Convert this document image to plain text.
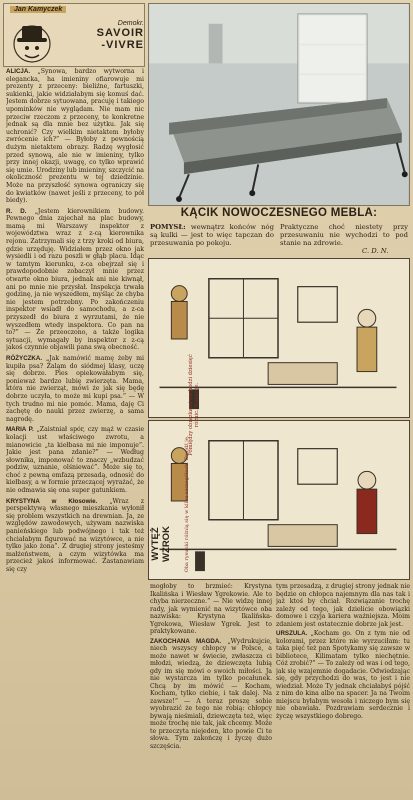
Jan Kamyczek
Demokr.
SAVOIR
-VIVRE
ALICJA. „Synowa, bardzo wytworna i elegancka, ha imieniny ofiarowuje mi prezenty z przeceny: bieliźne, fartuszki, sukienki, jakie widziałabym się komuś dać. Jestem dobrze sytuowana, pracuję i takiego upominków nie wyglądam. Nie mam nic przeciw rzeczom z przeceny, te konkretne jednak są dla mnie bez użytku. Jak się uchronić? Czy wielkim nietaktem byłoby zwrócenie ich?” — Byłoby z pewnością dużym nietaktem obrazy. Radzę wygłosić przed synową, ale nie w imieniny, tylko przy innej okazji, uwagę, co tylko wprawić się umie. Urodziny lub imieniny, szczycić na okoliczność prezentu w tej dziedzinie. Może na przyszłość synowa ograniczy się do kwiatków (nawet jeśli z przeceny, to pół biedy).
R. D. „Jestem kierownikiem budowy. Pewnego dnia zajechał na plac budowy, mamą mi Warszawy inspektor z województwa wraz z z-cą kierownika rejonu. Zatrzymali się z trzy kroki od biura, gdzie urzęduję. Widziałem przez okno jak wysiedli i od razu poszli w głąb placu. Idąc w tamtym kierunku, z-ca obejrzał się i prawdopodobnie zobaczył mnie przez otwarte okno biura, jednak ani nie kiwnął, ani po mnie nie przysłał. Inspekcja trwała godzinę, ja nie wyszedłem, myśląc że chyba nie jestem potrzebny. Po zakończeniu inspektor wsiadł do samochodu, a z-ca przyszedł do biura z wyrzutami, że nie wyszedłem wtedy inspektora. Co pan na to?” — Że przeoczono, a także logika sytuacji, wymagały by inspektor z z-cą jakoś czynnie objawili pana swą obecność.
RÓŻYCZKA. „Jak namówić mamę żeby mi kupiła psa? Żaląm do siódmej klasy, uczę się dobrze. Pies opiekowałabym się, ponieważ bardzo lubię zwierzęta. Mama, która nie zwierząt, mówi że jak się będę dobrze uczyła, to może mi kupi psa.” — W tych trudno mi nie pomóc. Mama, daję Ci zachętę do nauki przez zwierzę, a sama nagrodę.
MARIA P. „Zaistniał spór, czy mąż w czasie kolacji ust właściwego zwrotu, a mianowicie „ta kiełbasa mi nie imponuje”. Jakie jest pana zdanie?” — Według słownika, imponować to znaczy „wzbudzać podziw, uznanie, olśniewać”. Może się to, choć z pewną emfazą przesadą, odnosić do kiełbasy, a w formie przeczącej wyrażać, że nie odmawia się ona super gatunkiem.
KRYSTYNA w Kłosowie. „Wraz z perspektywą własnego mieszkania wyłonił się problem wszystkich na drewnian. Ja, ze względów zawodowych, używam nazwiska panieńskiego lub podwójnego i tak też chciałabym figurować na wizytówce, a nie tylko jako żona”. Z drugiej strony jesteśmy małżeństwem, a czym wizytówka ma przecież jakoś informować. Zastanawiam się czy
KĄCIK NOWOCZESNEGO MEBLA:
POMYSŁ: wewnątrz końców nóg są kulki — jest to więc tapczan do przesuwania po pokoju.
Praktyczne choć niestety przy przesuwaniu nie wychodzi to pod stanie na zdrowie.
C. D. N.
Pomiędzy obrazkami zachodzi dziesięć różnic. Wskaż je.
Oba rysunki różnią się w kilku szczegółach. Znajdź je.
WYTĘŻ WZROK

mogłoby to brzmieć: Krystyna Ikalińska i Wiesław Ygrekowie. Ale to chyba nierzeczne.” — Nie widzę innej rady, jak wymienić na wizytówce oba nazwiska: Krystyna Ikalińska-Ygrekowa, Wiesław Ygrek. Jest to praktykowane.

ZAKOCHANA MAGDA. „Wydrukujcie, niech wszyscy chłopcy w Polsce, a może nawet w świecie, zwłaszcza ci młodzi, wiedzą, że dziewczęta lubią gdy im się mówi o swoich miłości. Ja nie wystarcza im tylko pocałunek. Chcą by im mówić — Kocham, Kocham, tylko ciebie, i tak dalej. Na zawsze!” — A teraz proszę sobie wyobrazić że tego nie robią: chłopcy bywają nieśmiali, dziewczęta też, więc może trochę nie tak, jak chcemy. Może te przeczyta niejeden, kto powie Ci te słowa. Tym zakończę i życzę dużo szczęścia.

tym przesadzą, z drugiej strony jednak nie będzie on chłopca najemnym dla nas tak i jaż ktoś by chciał. Rozwiązanie trochę zależy od tego, jak dzielicie obowiązki domowe i czyja kariera ważniejsza. Moim zdaniem jest ostatecznie dobrze jak jest.

URSZULA. „Kocham go. On z tym nie od kolorami, przez które nie wyrzuciłam: tu taka pięć też pan Spotykamy się zawsze w bibliotece, Kilimatam tylko niechętnie. Cóż zrobić?” — To zależy od was i od tego, jak się wzajemnie dogadacie. Odwiedzając się, gdy przychodzi do was, to jest i nie wiedział. Może Ty jednak chciałabyś pójść z nim do kina albo na spacer. Ja na Twoim miejscu byłabym wesoła i niczego bym się nie obawiała. Pozdrawiam serdecznie i życzę wszystkiego dobrego.
